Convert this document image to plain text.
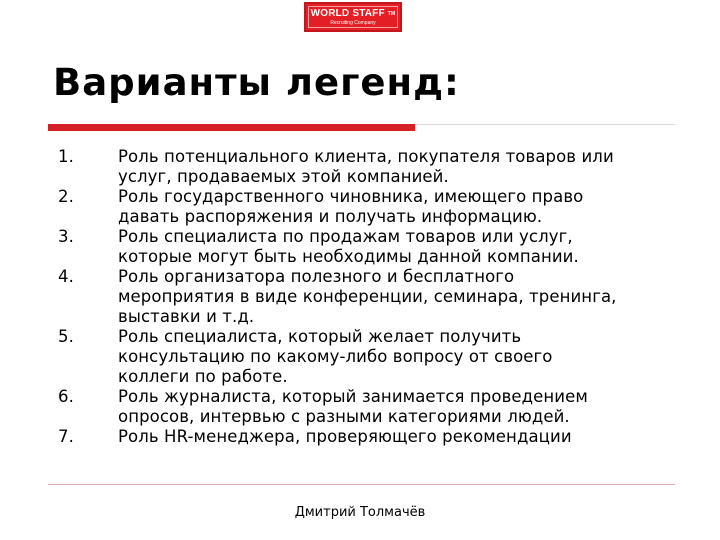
WORLD STAFF ™
Recruiting Company
Варианты легенд:
1.	Роль потенциального клиента, покупателя товаров или
услуг, продаваемых этой компанией.
2.	Роль государственного чиновника, имеющего право
давать распоряжения и получать информацию.
3.	Роль специалиста по продажам товаров или услуг,
которые могут быть необходимы данной компании.
4.	Роль организатора полезного и бесплатного
мероприятия в виде конференции, семинара, тренинга,
выставки и т.д.
5.	Роль специалиста, который желает получить
консультацию по какому-либо вопросу от своего
коллеги по работе.
6.	Роль журналиста, который занимается проведением
опросов, интервью с разными категориями людей.
7.	Роль HR-менеджера, проверяющего рекомендации
Дмитрий Толмачёв
